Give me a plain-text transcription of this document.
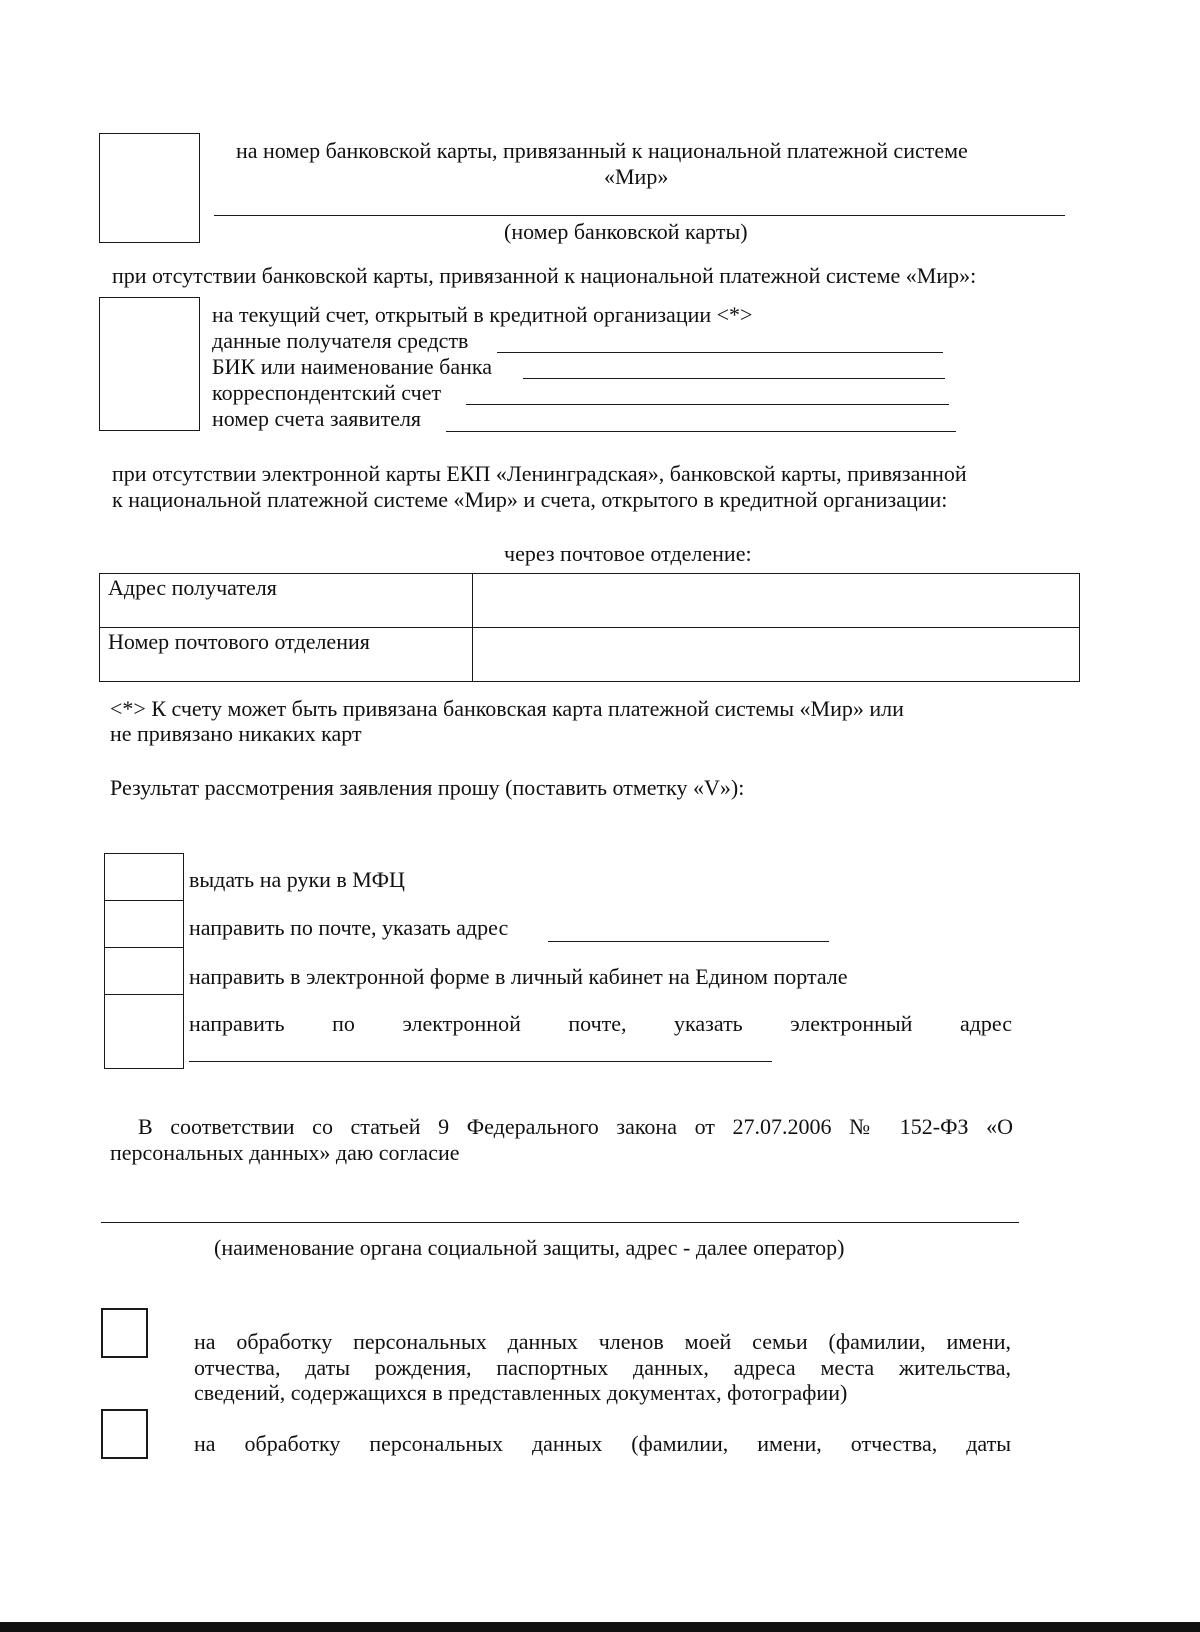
на номер банковской карты, привязанный к национальной платежной системе
«Мир»
(номер банковской карты)
при отсутствии банковской карты, привязанной к национальной платежной системе «Мир»:
на текущий счет, открытый в кредитной организации <*>
данные получателя средств
БИК или наименование банка
корреспондентский счет
номер счета заявителя
при отсутствии электронной карты ЕКП «Ленинградская», банковской карты, привязанной
к национальной платежной системе «Мир» и счета, открытого в кредитной организации:
через почтовое отделение:
Адрес получателя	
Номер почтового отделения	
<*> К счету может быть привязана банковская карта платежной системы «Мир» или
не привязано никаких карт
Результат рассмотрения заявления прошу (поставить отметку «V»):
выдать на руки в МФЦ
направить по почте, указать адрес
направить в электронной форме в личный кабинет на Едином портале
направить по электронной почте, указать электронный адрес
В соответствии со статьей 9 Федерального закона от 27.07.2006 № 152-ФЗ «О
персональных данных» даю согласие
(наименование органа социальной защиты, адрес - далее оператор)
на обработку персональных данных членов моей семьи (фамилии, имени,
отчества, даты рождения, паспортных данных, адреса места жительства,
сведений, содержащихся в представленных документах, фотографии)
на обработку персональных данных (фамилии, имени, отчества, даты
